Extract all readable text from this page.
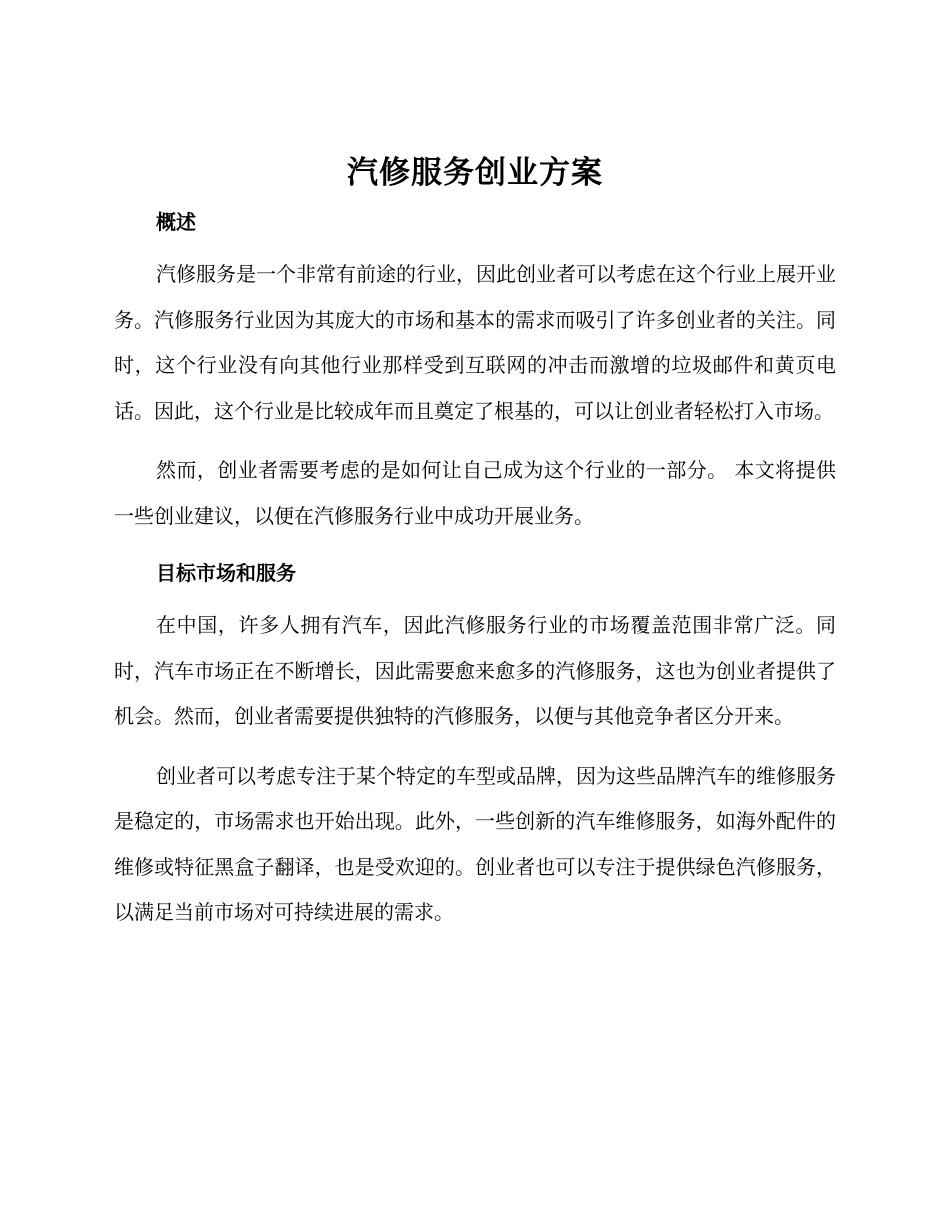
汽修服务创业方案
概述

汽修服务是一个非常有前途的行业，因此创业者可以考虑在这个行业上展开业务。汽修服务行业因为其庞大的市场和基本的需求而吸引了许多创业者的关注。同时，这个行业没有向其他行业那样受到互联网的冲击而激增的垃圾邮件和黄页电话。因此，这个行业是比较成年而且奠定了根基的，可以让创业者轻松打入市场。

然而，创业者需要考虑的是如何让自己成为这个行业的一部分。 本文将提供一些创业建议，以便在汽修服务行业中成功开展业务。

目标市场和服务

在中国，许多人拥有汽车，因此汽修服务行业的市场覆盖范围非常广泛。同时，汽车市场正在不断增长，因此需要愈来愈多的汽修服务，这也为创业者提供了机会。然而，创业者需要提供独特的汽修服务，以便与其他竞争者区分开来。

创业者可以考虑专注于某个特定的车型或品牌，因为这些品牌汽车的维修服务是稳定的，市场需求也开始出现。此外，一些创新的汽车维修服务，如海外配件的维修或特征黑盒子翻译，也是受欢迎的。创业者也可以专注于提供绿色汽修服务，以满足当前市场对可持续进展的需求。
